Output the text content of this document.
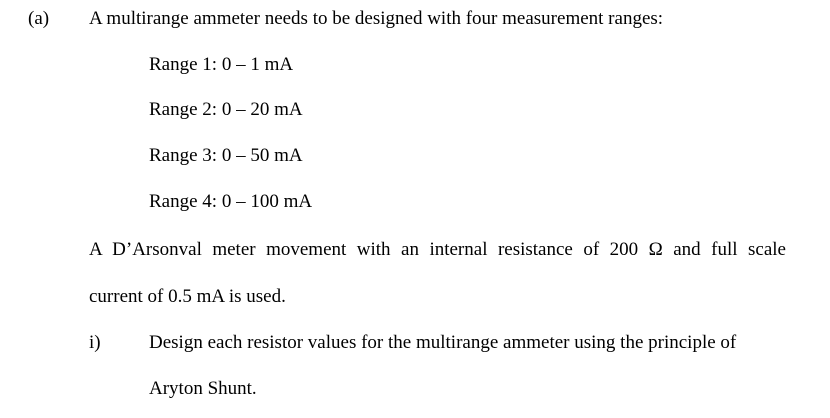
(a) A multirange ammeter needs to be designed with four measurement ranges:
Range 1: 0 – 1 mA
Range 2: 0 – 20 mA
Range 3: 0 – 50 mA
Range 4: 0 – 100 mA
A D’Arsonval meter movement with an internal resistance of 200 Ω and full scale
current of 0.5 mA is used.
i)	Design each resistor values for the multirange ammeter using the principle of
Aryton Shunt.
